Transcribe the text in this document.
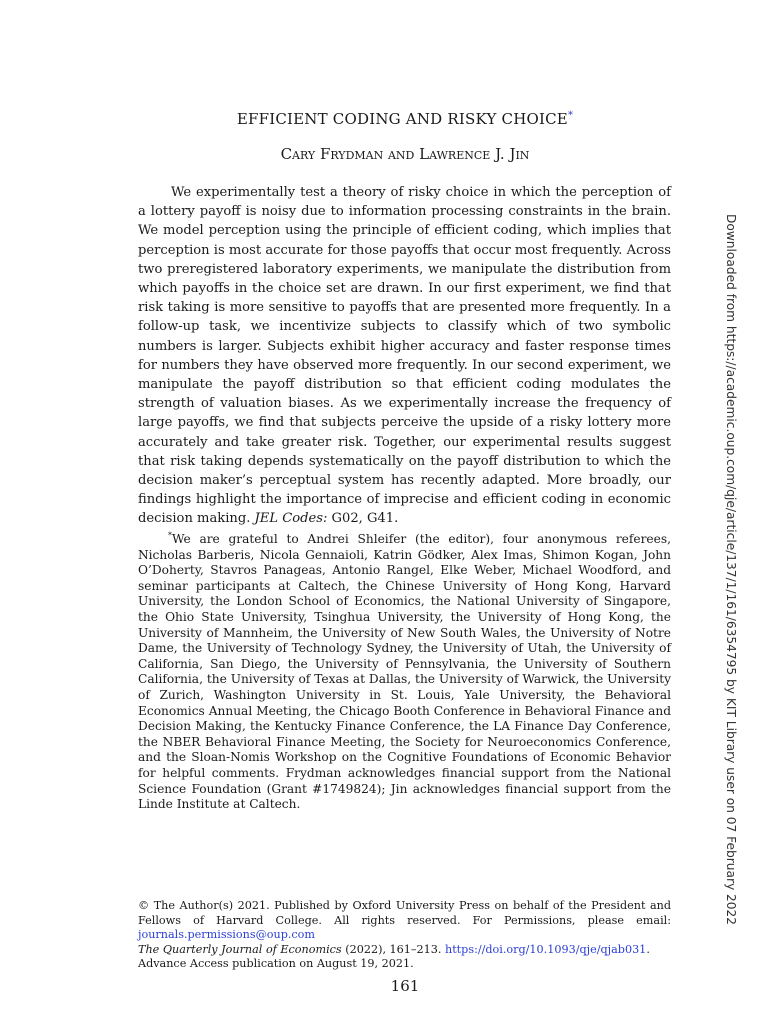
EFFICIENT CODING AND RISKY CHOICE*
Cary Frydman and Lawrence J. Jin
We experimentally test a theory of risky choice in which the perception of a lottery payoff is noisy due to information processing constraints in the brain. We model perception using the principle of efficient coding, which implies that perception is most accurate for those payoffs that occur most frequently. Across two preregistered laboratory experiments, we manipulate the distribution from which payoffs in the choice set are drawn. In our first experiment, we find that risk taking is more sensitive to payoffs that are presented more frequently. In a follow-up task, we incentivize subjects to classify which of two symbolic numbers is larger. Subjects exhibit higher accuracy and faster response times for numbers they have observed more frequently. In our second experiment, we manipulate the payoff distribution so that efficient coding modulates the strength of valuation biases. As we experimentally increase the frequency of large payoffs, we find that subjects perceive the upside of a risky lottery more accurately and take greater risk. Together, our experimental results suggest that risk taking depends systematically on the payoff distribution to which the decision maker’s perceptual system has recently adapted. More broadly, our findings highlight the importance of imprecise and efficient coding in economic decision making. JEL Codes: G02, G41.
*We are grateful to Andrei Shleifer (the editor), four anonymous referees, Nicholas Barberis, Nicola Gennaioli, Katrin Gödker, Alex Imas, Shimon Kogan, John O’Doherty, Stavros Panageas, Antonio Rangel, Elke Weber, Michael Woodford, and seminar participants at Caltech, the Chinese University of Hong Kong, Harvard University, the London School of Economics, the National University of Singapore, the Ohio State University, Tsinghua University, the University of Hong Kong, the University of Mannheim, the University of New South Wales, the University of Notre Dame, the University of Technology Sydney, the University of Utah, the University of California, San Diego, the University of Pennsylvania, the University of Southern California, the University of Texas at Dallas, the University of Warwick, the University of Zurich, Washington University in St. Louis, Yale University, the Behavioral Economics Annual Meeting, the Chicago Booth Conference in Behavioral Finance and Decision Making, the Kentucky Finance Conference, the LA Finance Day Conference, the NBER Behavioral Finance Meeting, the Society for Neuroeconomics Conference, and the Sloan-Nomis Workshop on the Cognitive Foundations of Economic Behavior for helpful comments. Frydman acknowledges financial support from the National Science Foundation (Grant #1749824); Jin acknowledges financial support from the Linde Institute at Caltech.	Downloaded from https://academic.oup.com/qje/article/137/1/161/6354795 by KIT Library user on 07 February 2022
© The Author(s) 2021. Published by Oxford University Press on behalf of the President and Fellows of Harvard College. All rights reserved. For Permissions, please email: journals.permissions@oup.com
The Quarterly Journal of Economics (2022), 161–213. https://doi.org/10.1093/qje/qjab031.
Advance Access publication on August 19, 2021.
161
